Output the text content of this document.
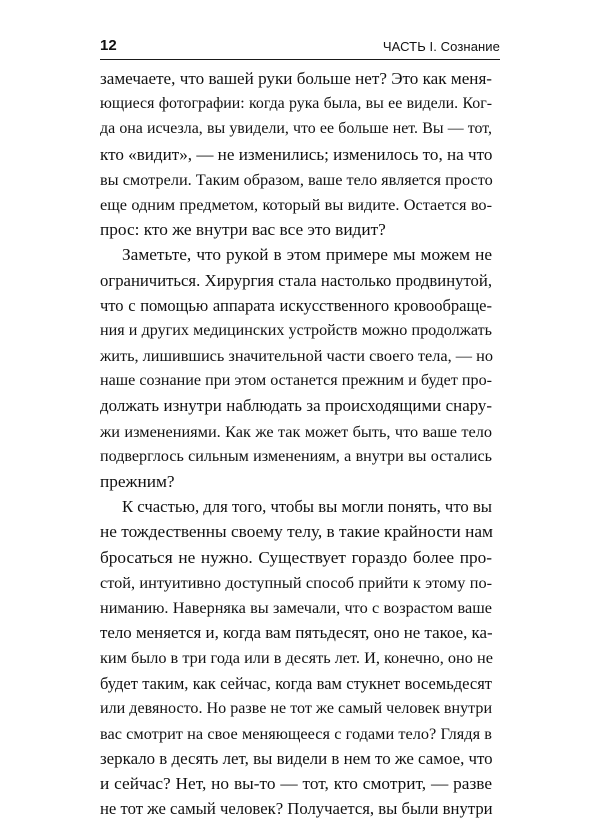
12	ЧАСТЬ I. Сознание
замечаете, что вашей руки больше нет? Это как меня-
ющиеся фотографии: когда рука была, вы ее видели. Ког-
да она исчезла, вы увидели, что ее больше нет. Вы — тот,
кто «видит», — не изменились; изменилось то, на что
вы смотрели. Таким образом, ваше тело является просто
еще одним предметом, который вы видите. Остается во-
прос: кто же внутри вас все это видит?
Заметьте, что рукой в этом примере мы можем не
ограничиться. Хирургия стала настолько продвинутой,
что с помощью аппарата искусственного кровообраще-
ния и других медицинских устройств можно продолжать
жить, лишившись значительной части своего тела, — но
наше сознание при этом останется прежним и будет про-
должать изнутри наблюдать за происходящими снару-
жи изменениями. Как же так может быть, что ваше тело
подверглось сильным изменениям, а внутри вы остались
прежним?
К счастью, для того, чтобы вы могли понять, что вы
не тождественны своему телу, в такие крайности нам
бросаться не нужно. Существует гораздо более про-
стой, интуитивно доступный способ прийти к этому по-
ниманию. Наверняка вы замечали, что с возрастом ваше
тело меняется и, когда вам пятьдесят, оно не такое, ка-
ким было в три года или в десять лет. И, конечно, оно не
будет таким, как сейчас, когда вам стукнет восемьдесят
или девяносто. Но разве не тот же самый человек внутри
вас смотрит на свое меняющееся с годами тело? Глядя в
зеркало в десять лет, вы видели в нем то же самое, что
и сейчас? Нет, но вы-то — тот, кто смотрит, — разве
не тот же самый человек? Получается, вы были внутри
